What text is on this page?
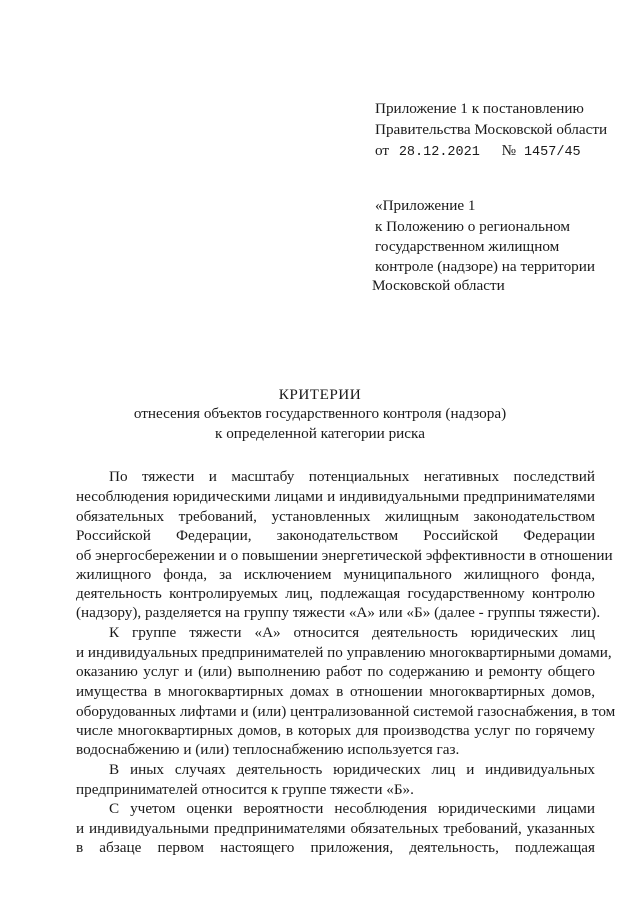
Приложение 1 к постановлению
Правительства Московской области
от 28.12.2021 № 1457/45
«Приложение 1
к Положению о региональном
государственном жилищном
контроле (надзоре) на территории
Московской области
КРИТЕРИИ
отнесения объектов государственного контроля (надзора)
к определенной категории риска
По тяжести и масштабу потенциальных негативных последствий
несоблюдения юридическими лицами и индивидуальными предпринимателями
обязательных требований, установленных жилищным законодательством
Российской Федерации, законодательством Российской Федерации
об энергосбережении и о повышении энергетической эффективности в отношении
жилищного фонда, за исключением муниципального жилищного фонда,
деятельность контролируемых лиц, подлежащая государственному контролю
(надзору), разделяется на группу тяжести «А» или «Б» (далее - группы тяжести).
К группе тяжести «А» относится деятельность юридических лиц
и индивидуальных предпринимателей по управлению многоквартирными домами,
оказанию услуг и (или) выполнению работ по содержанию и ремонту общего
имущества в многоквартирных домах в отношении многоквартирных домов,
оборудованных лифтами и (или) централизованной системой газоснабжения, в том
числе многоквартирных домов, в которых для производства услуг по горячему
водоснабжению и (или) теплоснабжению используется газ.
В иных случаях деятельность юридических лиц и индивидуальных
предпринимателей относится к группе тяжести «Б».
С учетом оценки вероятности несоблюдения юридическими лицами
и индивидуальными предпринимателями обязательных требований, указанных
в абзаце первом настоящего приложения, деятельность, подлежащая
